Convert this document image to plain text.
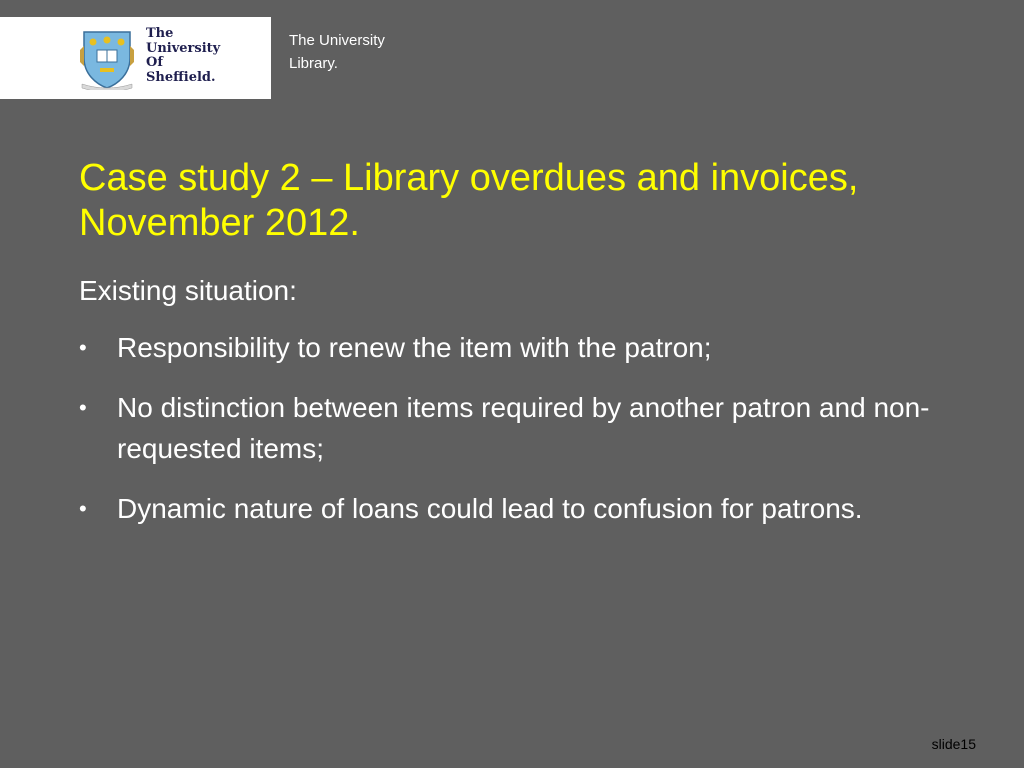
The
University
Of
Sheffield.
The University
Library.
Case study 2 – Library overdues and invoices, November 2012.

Existing situation:

•	Responsibility to renew the item with the patron;
•	No distinction between items required by another patron and non-requested items;
•	Dynamic nature of loans could lead to confusion for patrons.
slide15
